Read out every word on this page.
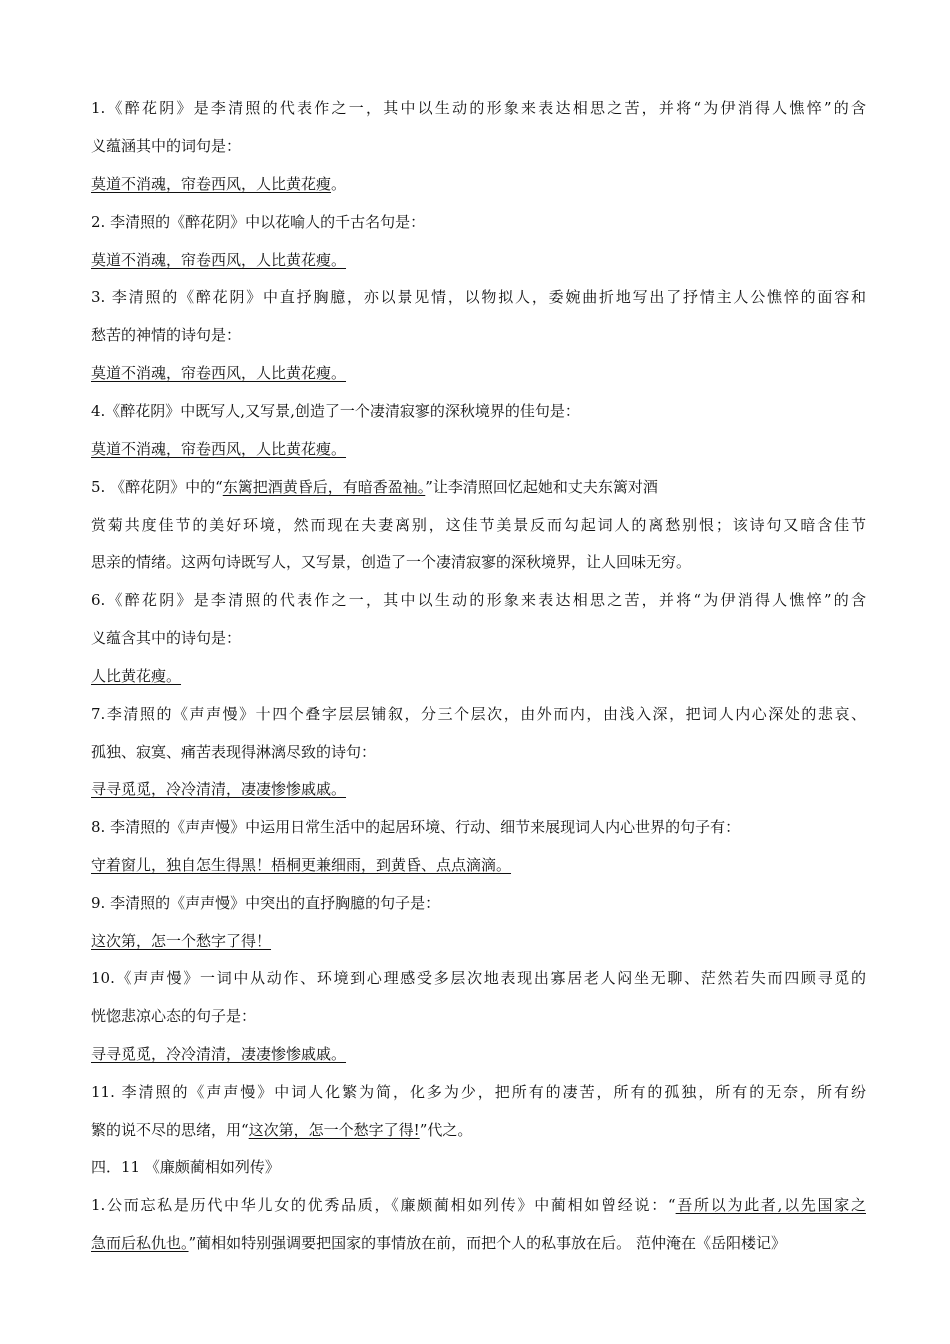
1.《醉花阴》是李清照的代表作之一，其中以生动的形象来表达相思之苦，并将“为伊消得人憔悴”的含
义蕴涵其中的词句是：
莫道不消魂，帘卷西风，人比黄花瘦。
2. 李清照的《醉花阴》中以花喻人的千古名句是：
莫道不消魂，帘卷西风，人比黄花瘦。
3. 李清照的《醉花阴》中直抒胸臆，亦以景见情，以物拟人，委婉曲折地写出了抒情主人公憔悴的面容和
愁苦的神情的诗句是：
莫道不消魂，帘卷西风，人比黄花瘦。
4.《醉花阴》中既写人,又写景,创造了一个凄清寂寥的深秋境界的佳句是：
莫道不消魂，帘卷西风，人比黄花瘦。
5. 《醉花阴》中的“东篱把酒黄昏后，有暗香盈袖。”让李清照回忆起她和丈夫东篱对酒
赏菊共度佳节的美好环境，然而现在夫妻离别，这佳节美景反而勾起词人的离愁别恨；该诗句又暗含佳节
思亲的情绪。这两句诗既写人，又写景，创造了一个凄清寂寥的深秋境界，让人回味无穷。
6.《醉花阴》是李清照的代表作之一，其中以生动的形象来表达相思之苦，并将“为伊消得人憔悴”的含
义蕴含其中的诗句是：
人比黄花瘦。
7.李清照的《声声慢》十四个叠字层层铺叙，分三个层次，由外而内，由浅入深，把词人内心深处的悲哀、
孤独、寂寞、痛苦表现得淋漓尽致的诗句：
寻寻觅觅，冷冷清清，凄凄惨惨戚戚。
8. 李清照的《声声慢》中运用日常生活中的起居环境、行动、细节来展现词人内心世界的句子有：
守着窗儿，独自怎生得黑！梧桐更兼细雨，到黄昏、点点滴滴。
9. 李清照的《声声慢》中突出的直抒胸臆的句子是：
这次第，怎一个愁字了得！
10.《声声慢》一词中从动作、环境到心理感受多层次地表现出寡居老人闷坐无聊、茫然若失而四顾寻觅的
恍惚悲凉心态的句子是：
寻寻觅觅，冷冷清清，凄凄惨惨戚戚。
11. 李清照的《声声慢》中词人化繁为简，化多为少，把所有的凄苦，所有的孤独，所有的无奈，所有纷
繁的说不尽的思绪，用“这次第，怎一个愁字了得!”代之。
四．11 《廉颇蔺相如列传》
1.公而忘私是历代中华儿女的优秀品质，《廉颇蔺相如列传》中蔺相如曾经说：“吾所以为此者,以先国家之
急而后私仇也。”蔺相如特别强调要把国家的事情放在前，而把个人的私事放在后。 范仲淹在《岳阳楼记》
